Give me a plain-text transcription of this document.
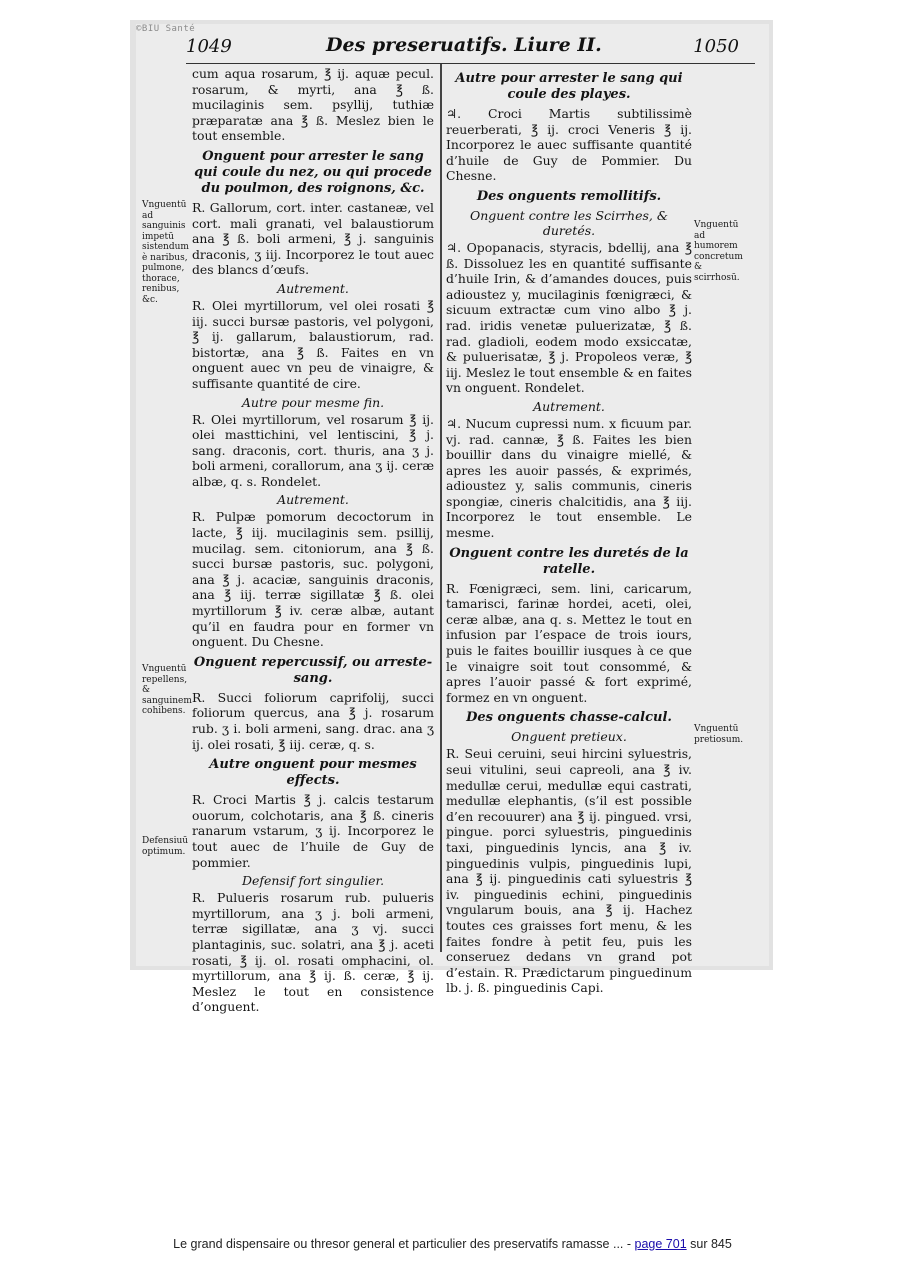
©BIU Santé
1049	Des preseruatifs. Liure II.	1050

cum aqua rosarum, ℥ ij. aquæ pecul. rosarum, & myrti, ana ℥ ß. mucilaginis sem. psyllij, tuthiæ præparatæ ana ℥ ß. Meslez bien le tout ensemble.

Onguent pour arrester le sang qui coule du nez, ou qui procede du poulmon, des roignons, &c.

R. Gallorum, cort. inter. castaneæ, vel cort. mali granati, vel balaustiorum ana ℥ ß. boli armeni, ℥ j. sanguinis draconis, ʒ iij. Incorporez le tout auec des blancs d’œufs.

Autrement.

R. Olei myrtillorum, vel olei rosati ℥ iij. succi bursæ pastoris, vel polygoni, ℥ ij. gallarum, balaustiorum, rad. bistortæ, ana ℥ ß. Faites en vn onguent auec vn peu de vinaigre, & suffisante quantité de cire.

Autre pour mesme fin.

R. Olei myrtillorum, vel rosarum ℥ ij. olei masttichini, vel lentiscini, ℥ j. sang. draconis, cort. thuris, ana ʒ j. boli armeni, corallorum, ana ʒ ij. ceræ albæ, q. s. Rondelet.

Autrement.

R. Pulpæ pomorum decoctorum in lacte, ℥ iij. mucilaginis sem. psillij, mucilag. sem. citoniorum, ana ℥ ß. succi bursæ pastoris, suc. polygoni, ana ℥ j. acaciæ, sanguinis draconis, ana ℥ iij. terræ sigillatæ ℥ ß. olei myrtillorum ℥ iv. ceræ albæ, autant qu’il en faudra pour en former vn onguent. Du Chesne.

Onguent repercussif, ou arreste-sang.

R. Succi foliorum caprifolij, succi foliorum quercus, ana ℥ j. rosarum rub. ʒ i. boli armeni, sang. drac. ana ʒ ij. olei rosati, ℥ iij. ceræ, q. s.

Autre onguent pour mesmes effects.

R. Croci Martis ℥ j. calcis testarum ouorum, colchotaris, ana ℥ ß. cineris ranarum vstarum, ʒ ij. Incorporez le tout auec de l’huile de Guy de pommier.

Defensif fort singulier.

R. Pulueris rosarum rub. pulueris myrtillorum, ana ʒ j. boli armeni, terræ sigillatæ, ana ʒ vj. succi plantaginis, suc. solatri, ana ℥ j. aceti rosati, ℥ ij. ol. rosati omphacini, ol. myrtillorum, ana ℥ ij. ß. ceræ, ℥ ij. Meslez le tout en consistence d’onguent.

Autre pour arrester le sang qui coule des playes.

♃. Croci Martis subtilissimè reuerberati, ℥ ij. croci Veneris ℥ ij. Incorporez le auec suffisante quantité d’huile de Guy de Pommier. Du Chesne.

Des onguents remollitifs.
Onguent contre les Scirrhes, & duretés.

♃. Opopanacis, styracis, bdellij, ana ℥ ß. Dissoluez les en quantité suffisante d’huile Irin, & d’amandes douces, puis adioustez y, mucilaginis fœnigræci, & sicuum extractæ cum vino albo ℥ j. rad. iridis venetæ puluerizatæ, ℥ ß. rad. gladioli, eodem modo exsiccatæ, & puluerisatæ, ℥ j. Propoleos veræ, ℥ iij. Meslez le tout ensemble & en faites vn onguent. Rondelet.

Autrement.

♃. Nucum cupressi num. x ficuum par. vj. rad. cannæ, ℥ ß. Faites les bien bouillir dans du vinaigre miellé, & apres les auoir passés, & exprimés, adioustez y, salis communis, cineris spongiæ, cineris chalcitidis, ana ℥ iij. Incorporez le tout ensemble. Le mesme.

Onguent contre les duretés de la ratelle.

R. Fœnigræci, sem. lini, caricarum, tamarisci, farinæ hordei, aceti, olei, ceræ albæ, ana q. s. Mettez le tout en infusion par l’espace de trois iours, puis le faites bouillir iusques à ce que le vinaigre soit tout consommé, & apres l’auoir passé & fort exprimé, formez en vn onguent.

Des onguents chasse-calcul.
Onguent pretieux.

R. Seui ceruini, seui hircini syluestris, seui vitulini, seui capreoli, ana ℥ iv. medullæ cerui, medullæ equi castrati, medullæ elephantis, (s’il est possible d’en recouurer) ana ℥ ij. pingued. vrsi, pingue. porci syluestris, pinguedinis taxi, pinguedinis lyncis, ana ℥ iv. pinguedinis vulpis, pinguedinis lupi, ana ℥ ij. pinguedinis cati syluestris ℥ iv. pinguedinis echini, pinguedinis vngularum bouis, ana ℥ ij. Hachez toutes ces graisses fort menu, & les faites fondre à petit feu, puis les conseruez dedans vn grand pot d’estain. R. Prædictarum pinguedinum lb. j. ß. pinguedinis Capi.

Vnguentū ad sanguinis impetū sistendum è naribus, pulmone, thorace, renibus, &c.
Vnguentū repellens, & sanguinem cohibens.
Defensiuū optimum.
Vnguentū ad humorem concretum & scirrhosū.
Vnguentū pretiosum.
Le grand dispensaire ou thresor general et particulier des preservatifs ramasse ... - page 701 sur 845
